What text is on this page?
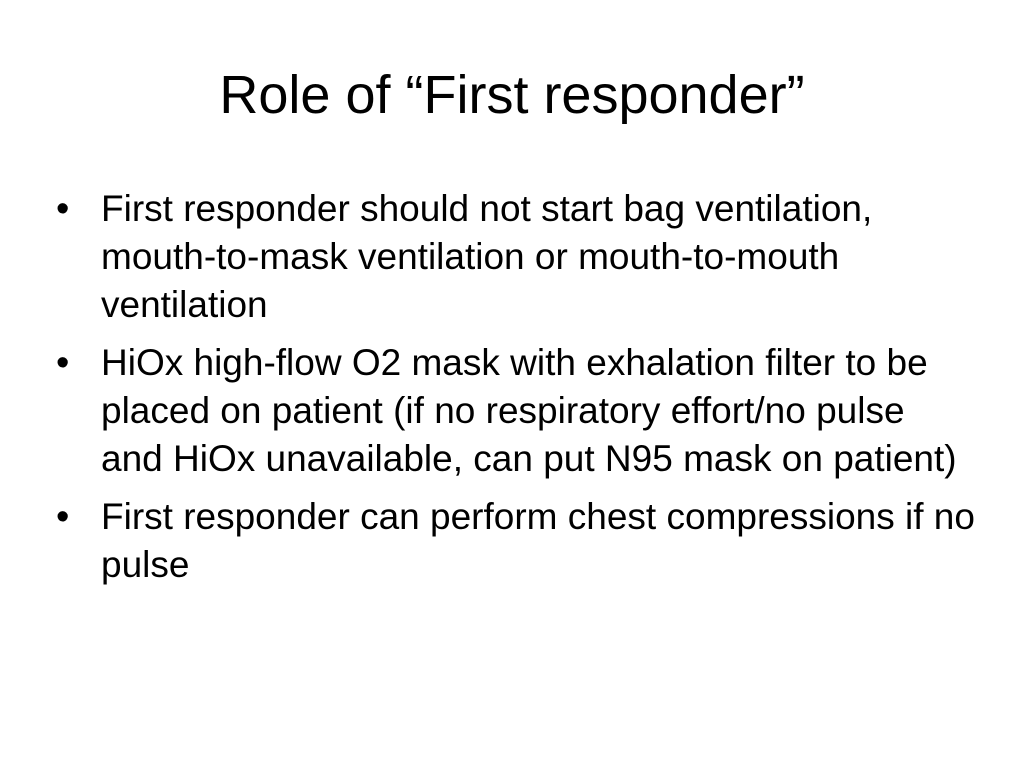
Role of “First responder”
• First responder should not start bag ventilation, mouth-to-mask ventilation or mouth-to-mouth ventilation
• HiOx high-flow O2 mask with exhalation filter to be placed on patient (if no respiratory effort/no pulse and HiOx unavailable, can put N95 mask on patient)
• First responder can perform chest compressions if no pulse
